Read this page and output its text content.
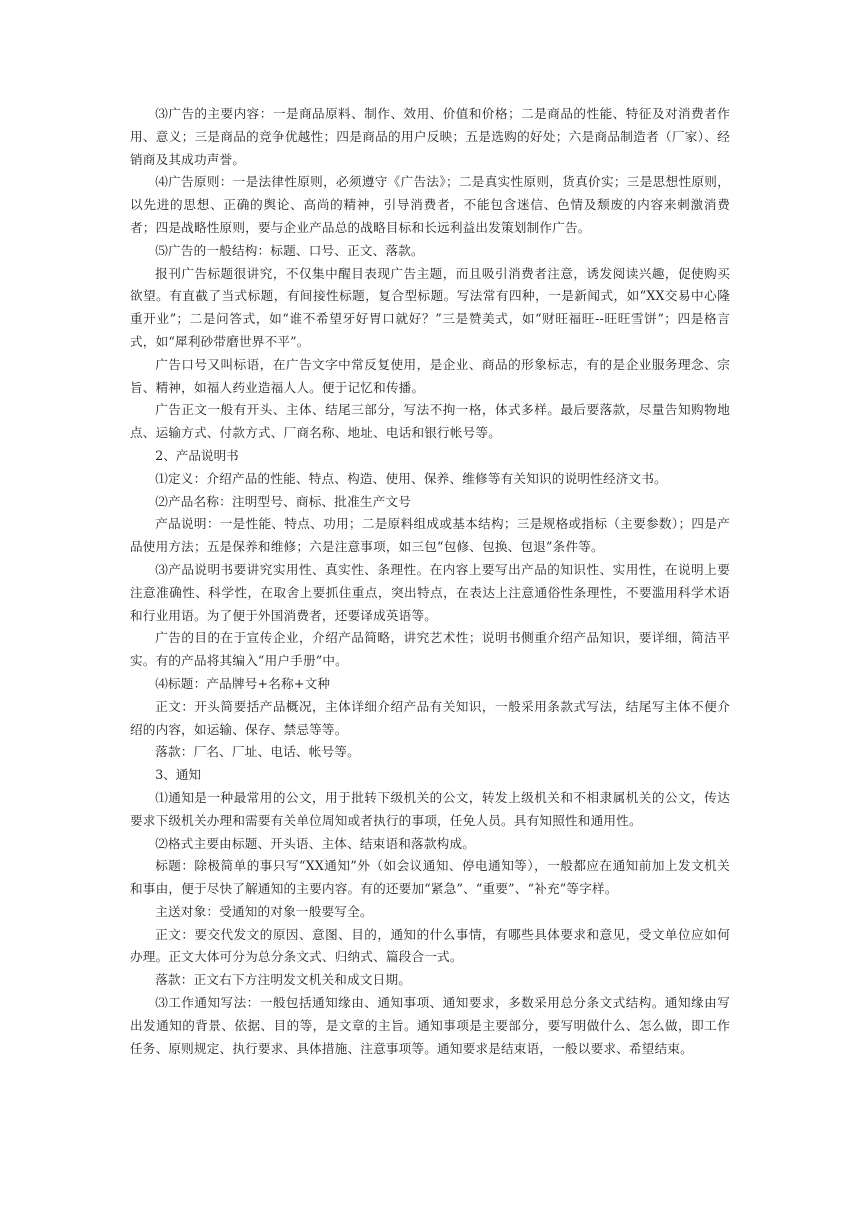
⑶广告的主要内容：一是商品原料、制作、效用、价值和价格；二是商品的性能、特征及对消费者作用、意义；三是商品的竞争优越性；四是商品的用户反映；五是选购的好处；六是商品制造者（厂家）、经销商及其成功声誉。

⑷广告原则：一是法律性原则，必须遵守《广告法》；二是真实性原则，货真价实；三是思想性原则，以先进的思想、正确的舆论、高尚的精神，引导消费者，不能包含迷信、色情及颓废的内容来刺激消费者；四是战略性原则，要与企业产品总的战略目标和长远利益出发策划制作广告。

⑸广告的一般结构：标题、口号、正文、落款。

报刊广告标题很讲究，不仅集中醒目表现广告主题，而且吸引消费者注意，诱发阅读兴趣，促使购买欲望。有直截了当式标题，有间接性标题，复合型标题。写法常有四种，一是新闻式，如“XX交易中心隆重开业”；二是问答式，如“谁不希望牙好胃口就好？”三是赞美式，如“财旺福旺--旺旺雪饼”；四是格言式，如“犀利砂带磨世界不平”。

广告口号又叫标语，在广告文字中常反复使用，是企业、商品的形象标志，有的是企业服务理念、宗旨、精神，如福人药业造福人人。便于记忆和传播。

广告正文一般有开头、主体、结尾三部分，写法不拘一格，体式多样。最后要落款，尽量告知购物地点、运输方式、付款方式、厂商名称、地址、电话和银行帐号等。

2、产品说明书

⑴定义：介绍产品的性能、特点、构造、使用、保养、维修等有关知识的说明性经济文书。

⑵产品名称：注明型号、商标、批准生产文号

产品说明：一是性能、特点、功用；二是原料组成或基本结构；三是规格或指标（主要参数）；四是产品使用方法；五是保养和维修；六是注意事项，如三包“包修、包换、包退”条件等。

⑶产品说明书要讲究实用性、真实性、条理性。在内容上要写出产品的知识性、实用性，在说明上要注意准确性、科学性，在取舍上要抓住重点，突出特点，在表达上注意通俗性条理性，不要滥用科学术语和行业用语。为了便于外国消费者，还要译成英语等。

广告的目的在于宣传企业，介绍产品简略，讲究艺术性；说明书侧重介绍产品知识，要详细，简洁平实。有的产品将其编入“用户手册”中。

⑷标题：产品牌号+名称+文种

正文：开头简要括产品概况，主体详细介绍产品有关知识，一般采用条款式写法，结尾写主体不便介绍的内容，如运输、保存、禁忌等等。

落款：厂名、厂址、电话、帐号等。

3、通知

⑴通知是一种最常用的公文，用于批转下级机关的公文，转发上级机关和不相隶属机关的公文，传达要求下级机关办理和需要有关单位周知或者执行的事项，任免人员。具有知照性和通用性。

⑵格式主要由标题、开头语、主体、结束语和落款构成。

标题：除极简单的事只写“XX通知”外（如会议通知、停电通知等），一般都应在通知前加上发文机关和事由，便于尽快了解通知的主要内容。有的还要加“紧急”、“重要”、“补充”等字样。

主送对象：受通知的对象一般要写全。

正文：要交代发文的原因、意图、目的，通知的什么事情，有哪些具体要求和意见，受文单位应如何办理。正文大体可分为总分条文式、归纳式、篇段合一式。

落款：正文右下方注明发文机关和成文日期。

⑶工作通知写法：一般包括通知缘由、通知事项、通知要求，多数采用总分条文式结构。通知缘由写出发通知的背景、依据、目的等，是文章的主旨。通知事项是主要部分，要写明做什么、怎么做，即工作任务、原则规定、执行要求、具体措施、注意事项等。通知要求是结束语，一般以要求、希望结束。
